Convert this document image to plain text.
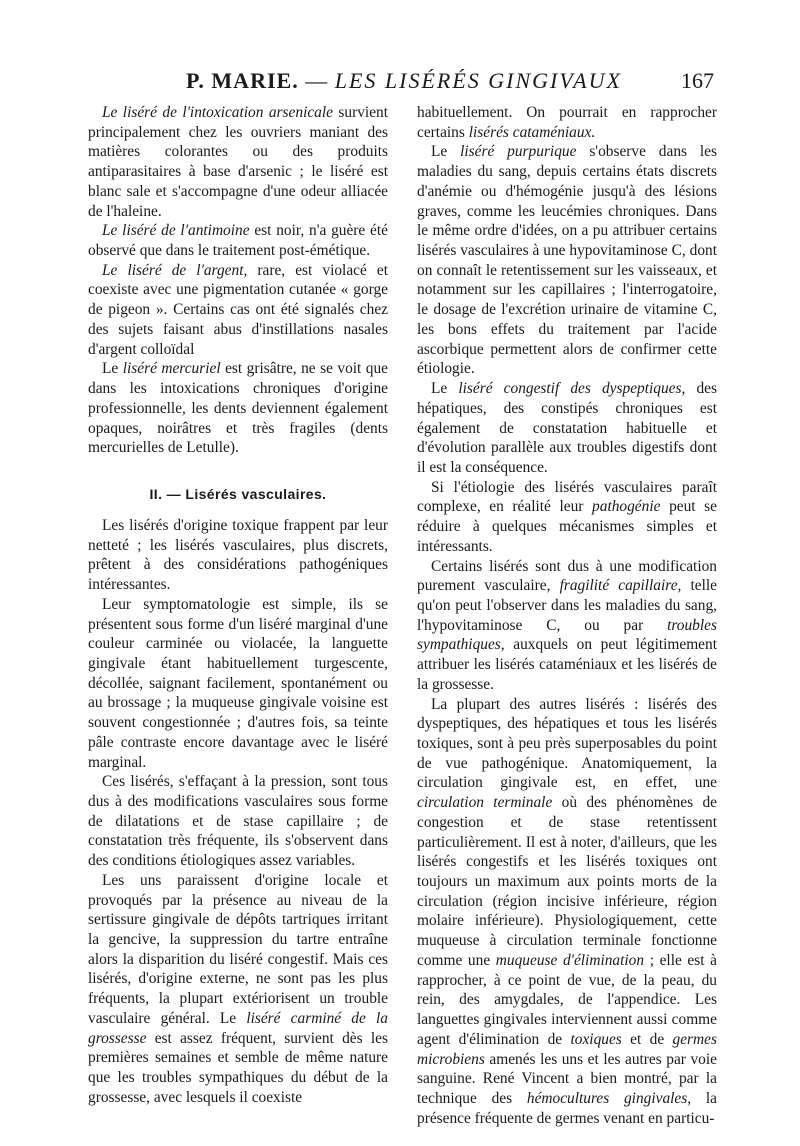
P. MARIE. — LES LISÉRÉS GINGIVAUX	167

Le liséré de l'intoxication arsenicale survient principalement chez les ouvriers maniant des matières colorantes ou des produits antiparasitaires à base d'arsenic ; le liséré est blanc sale et s'accompagne d'une odeur alliacée de l'haleine.

Le liséré de l'antimoine est noir, n'a guère été observé que dans le traitement post-émétique.

Le liséré de l'argent, rare, est violacé et coexiste avec une pigmentation cutanée « gorge de pigeon ». Certains cas ont été signalés chez des sujets faisant abus d'instillations nasales d'argent colloïdal

Le liséré mercuriel est grisâtre, ne se voit que dans les intoxications chroniques d'origine professionnelle, les dents deviennent également opaques, noirâtres et très fragiles (dents mercurielles de Letulle).

II. — Lisérés vasculaires.

Les lisérés d'origine toxique frappent par leur netteté ; les lisérés vasculaires, plus discrets, prêtent à des considérations pathogéniques intéressantes.

Leur symptomatologie est simple, ils se présentent sous forme d'un liséré marginal d'une couleur carminée ou violacée, la languette gingivale étant habituellement turgescente, décollée, saignant facilement, spontanément ou au brossage ; la muqueuse gingivale voisine est souvent congestionnée ; d'autres fois, sa teinte pâle contraste encore davantage avec le liséré marginal.

Ces lisérés, s'effaçant à la pression, sont tous dus à des modifications vasculaires sous forme de dilatations et de stase capillaire ; de constatation très fréquente, ils s'observent dans des conditions étiologiques assez variables.

Les uns paraissent d'origine locale et provoqués par la présence au niveau de la sertissure gingivale de dépôts tartriques irritant la gencive, la suppression du tartre entraîne alors la disparition du liséré congestif. Mais ces lisérés, d'origine externe, ne sont pas les plus fréquents, la plupart extériorisent un trouble vasculaire général. Le liséré carminé de la grossesse est assez fréquent, survient dès les premières semaines et semble de même nature que les troubles sympathiques du début de la grossesse, avec lesquels il coexiste

habituellement. On pourrait en rapprocher certains lisérés cataméniaux.

Le liséré purpurique s'observe dans les maladies du sang, depuis certains états discrets d'anémie ou d'hémogénie jusqu'à des lésions graves, comme les leucémies chroniques. Dans le même ordre d'idées, on a pu attribuer certains lisérés vasculaires à une hypovitaminose C, dont on connaît le retentissement sur les vaisseaux, et notamment sur les capillaires ; l'interrogatoire, le dosage de l'excrétion urinaire de vitamine C, les bons effets du traitement par l'acide ascorbique permettent alors de confirmer cette étiologie.

Le liséré congestif des dyspeptiques, des hépatiques, des constipés chroniques est également de constatation habituelle et d'évolution parallèle aux troubles digestifs dont il est la conséquence.

Si l'étiologie des lisérés vasculaires paraît complexe, en réalité leur pathogénie peut se réduire à quelques mécanismes simples et intéressants.

Certains lisérés sont dus à une modification purement vasculaire, fragilité capillaire, telle qu'on peut l'observer dans les maladies du sang, l'hypovitaminose C, ou par troubles sympathiques, auxquels on peut légitimement attribuer les lisérés cataméniaux et les lisérés de la grossesse.

La plupart des autres lisérés : lisérés des dyspeptiques, des hépatiques et tous les lisérés toxiques, sont à peu près superposables du point de vue pathogénique. Anatomiquement, la circulation gingivale est, en effet, une circulation terminale où des phénomènes de congestion et de stase retentissent particulièrement. Il est à noter, d'ailleurs, que les lisérés congestifs et les lisérés toxiques ont toujours un maximum aux points morts de la circulation (région incisive inférieure, région molaire inférieure). Physiologiquement, cette muqueuse à circulation terminale fonctionne comme une muqueuse d'élimination ; elle est à rapprocher, à ce point de vue, de la peau, du rein, des amygdales, de l'appendice. Les languettes gingivales interviennent aussi comme agent d'élimination de toxiques et de germes microbiens amenés les uns et les autres par voie sanguine. René Vincent a bien montré, par la technique des hémocultures gingivales, la présence fréquente de germes venant en particu-
